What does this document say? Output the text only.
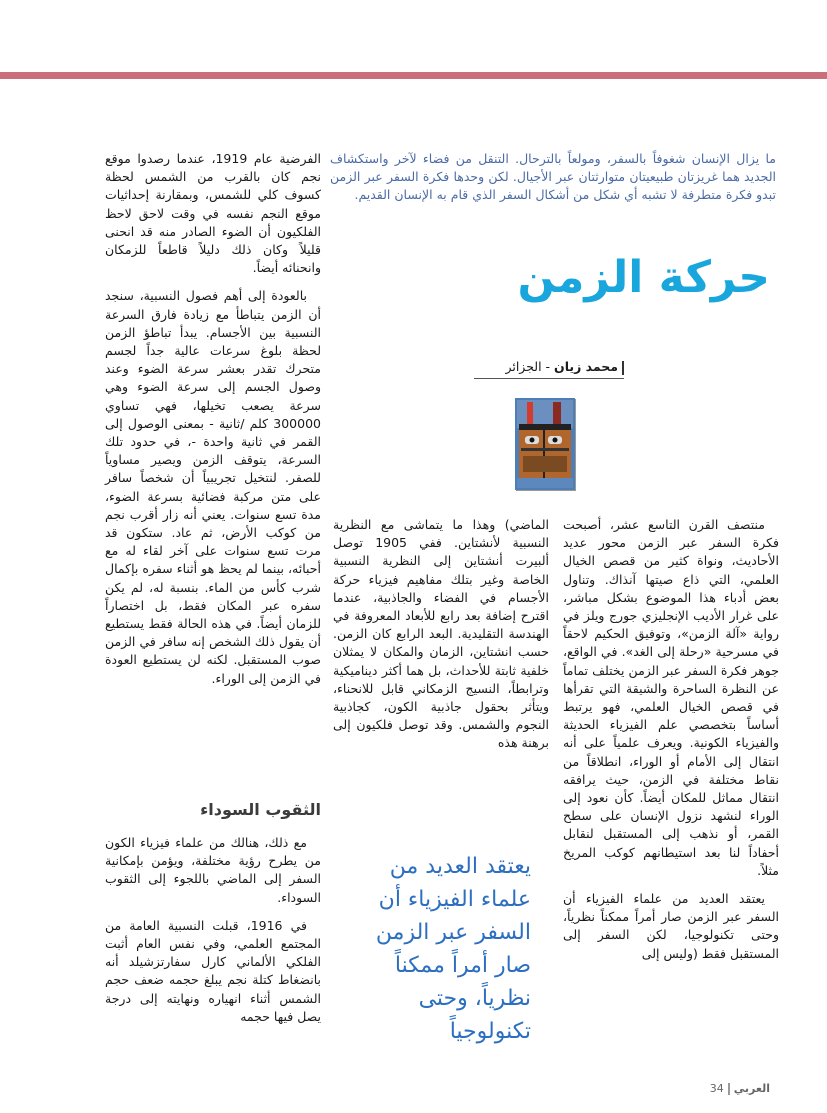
ما يزال الإنسان شغوفاً بالسفر، ومولعاً بالترحال. التنقل من فضاء لآخر واستكشاف الجديد هما غريزتان طبيعيتان متوارثتان عبر الأجيال. لكن وحدها فكرة السفر عبر الزمن تبدو فكرة متطرفة لا تشبه أي شكل من أشكال السفر الذي قام به الإنسان القديم.

حركة الزمن
محمد زيان - الجزائر

منتصف القرن التاسع عشر، أصبحت فكرة السفر عبر الزمن محور عديد الأحاديث، ونواة كثير من قصص الخيال العلمي، التي ذاع صيتها آنذاك. وتناول بعض أدباء هذا الموضوع بشكل مباشر، على غرار الأديب الإنجليزي جورج ويلز في رواية «آلة الزمن»، وتوفيق الحكيم لاحقاً في مسرحية «رحلة إلى الغد». في الواقع، جوهر فكرة السفر عبر الزمن يختلف تماماً عن النظرة الساحرة والشيقة التي تقرأها في قصص الخيال العلمي، فهو يرتبط أساساً بتخصصي علم الفيزياء الحديثة والفيزياء الكونية. ويعرف علمياً على أنه انتقال إلى الأمام أو الوراء، انطلاقاً من نقاط مختلفة في الزمن، حيث يرافقه انتقال مماثل للمكان أيضاً. كأن نعود إلى الوراء لنشهد نزول الإنسان على سطح القمر، أو نذهب إلى المستقبل لنقابل أحفاداً لنا بعد استيطانهم كوكب المريخ مثلاً.

يعتقد العديد من علماء الفيزياء أن السفر عبر الزمن صار أمراً ممكناً نظرياً، وحتى تكنولوجيا، لكن السفر إلى المستقبل فقط (وليس إلى

الماضي) وهذا ما يتماشى مع النظرية النسبية لأنشتاين. ففي 1905 توصل ألبيرت أنشتاين إلى النظرية النسبية الخاصة وغير بتلك مفاهيم فيزياء حركة الأجسام في الفضاء والجاذبية، عندما اقترح إضافة بعد رابع للأبعاد المعروفة في الهندسة التقليدية. البعد الرابع كان الزمن. حسب انشتاين، الزمان والمكان لا يمثلان خلفية ثابتة للأحداث، بل هما أكثر ديناميكية وترابطاً، النسيج الزمكاني قابل للانحناء، ويتأثر بحقول جاذبية الكون، كجاذبية النجوم والشمس. وقد توصل فلكيون إلى برهنة هذه

يعتقد العديد من علماء الفيزياء أن السفر عبر الزمن صار أمراً ممكناً نظرياً، وحتى تكنولوجياً

الفرضية عام 1919، عندما رصدوا موقع نجم كان بالقرب من الشمس لحظة كسوف كلي للشمس، وبمقارنة إحداثيات موقع النجم نفسه في وقت لاحق لاحظ الفلكيون أن الضوء الصادر منه قد انحنى قليلاً وكان ذلك دليلاً قاطعاً للزمكان وانحنائه أيضاً.

بالعودة إلى أهم فصول النسبية، سنجد أن الزمن يتباطأ مع زيادة فارق السرعة النسبية بين الأجسام. يبدأ تباطؤ الزمن لحظة بلوغ سرعات عالية جداً لجسم متحرك تقدر بعشر سرعة الضوء وعند وصول الجسم إلى سرعة الضوء وهي سرعة يصعب تخيلها، فهي تساوي 300000 كلم /ثانية - بمعنى الوصول إلى القمر في ثانية واحدة -، في حدود تلك السرعة، يتوقف الزمن ويصير مساوياً للصفر. لنتخيل تجريبياً أن شخصاً سافر على متن مركبة فضائية بسرعة الضوء، مدة تسع سنوات. يعني أنه زار أقرب نجم من كوكب الأرض، ثم عاد. ستكون قد مرت تسع سنوات على آخر لقاء له مع أحبائه، بينما لم يحظ هو أثناء سفره بإكمال شرب كأس من الماء. بنسبة له، لم يكن سفره عبر المكان فقط، بل اختصاراً للزمان أيضاً. في هذه الحالة فقط يستطيع أن يقول ذلك الشخص إنه سافر في الزمن صوب المستقبل. لكنه لن يستطيع العودة في الزمن إلى الوراء.

الثقوب السوداء

مع ذلك، هنالك من علماء فيزياء الكون من يطرح رؤية مختلفة، ويؤمن بإمكانية السفر إلى الماضي باللجوء إلى الثقوب السوداء.

في 1916، قبلت النسبية العامة من المجتمع العلمي، وفي نفس العام أثبت الفلكي الألماني كارل سفارتزشيلد أنه بانضغاط كتلة نجم يبلغ حجمه ضعف حجم الشمس أثناء انهياره ونهايته إلى درجة يصل فيها حجمه

العربي34
